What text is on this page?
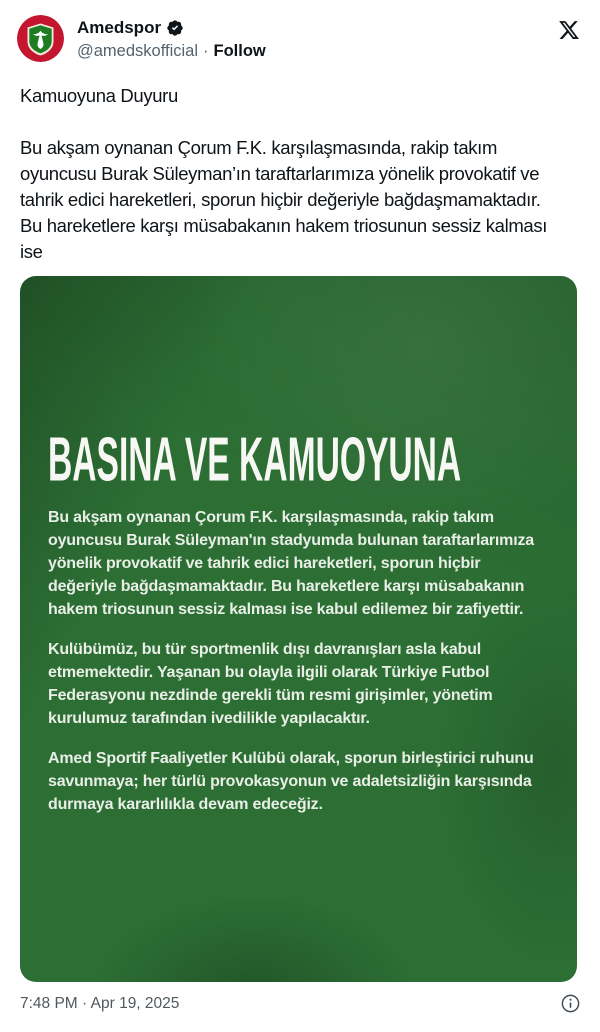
Amedspor
@amedskofficial · Follow

Kamuoyuna Duyuru

Bu akşam oynanan Çorum F.K. karşılaşmasında, rakip takım oyuncusu Burak Süleyman’ın taraftarlarımıza yönelik provokatif ve tahrik edici hareketleri, sporun hiçbir değeriyle bağdaşmamaktadır. Bu hareketlere karşı müsabakanın hakem triosunun sessiz kalması ise

BASINA VE KAMUOYUNA

Bu akşam oynanan Çorum F.K. karşılaşmasında, rakip takım oyuncusu Burak Süleyman'ın stadyumda bulunan taraftarlarımıza yönelik provokatif ve tahrik edici hareketleri, sporun hiçbir değeriyle bağdaşmamaktadır. Bu hareketlere karşı müsabakanın hakem triosunun sessiz kalması ise kabul edilemez bir zafiyettir.

Kulübümüz, bu tür sportmenlik dışı davranışları asla kabul etmemektedir. Yaşanan bu olayla ilgili olarak Türkiye Futbol Federasyonu nezdinde gerekli tüm resmi girişimler, yönetim kurulumuz tarafından ivedilikle yapılacaktır.

Amed Sportif Faaliyetler Kulübü olarak, sporun birleştirici ruhunu savunmaya; her türlü provokasyonun ve adaletsizliğin karşısında durmaya kararlılıkla devam edeceğiz.

7:48 PM · Apr 19, 2025
